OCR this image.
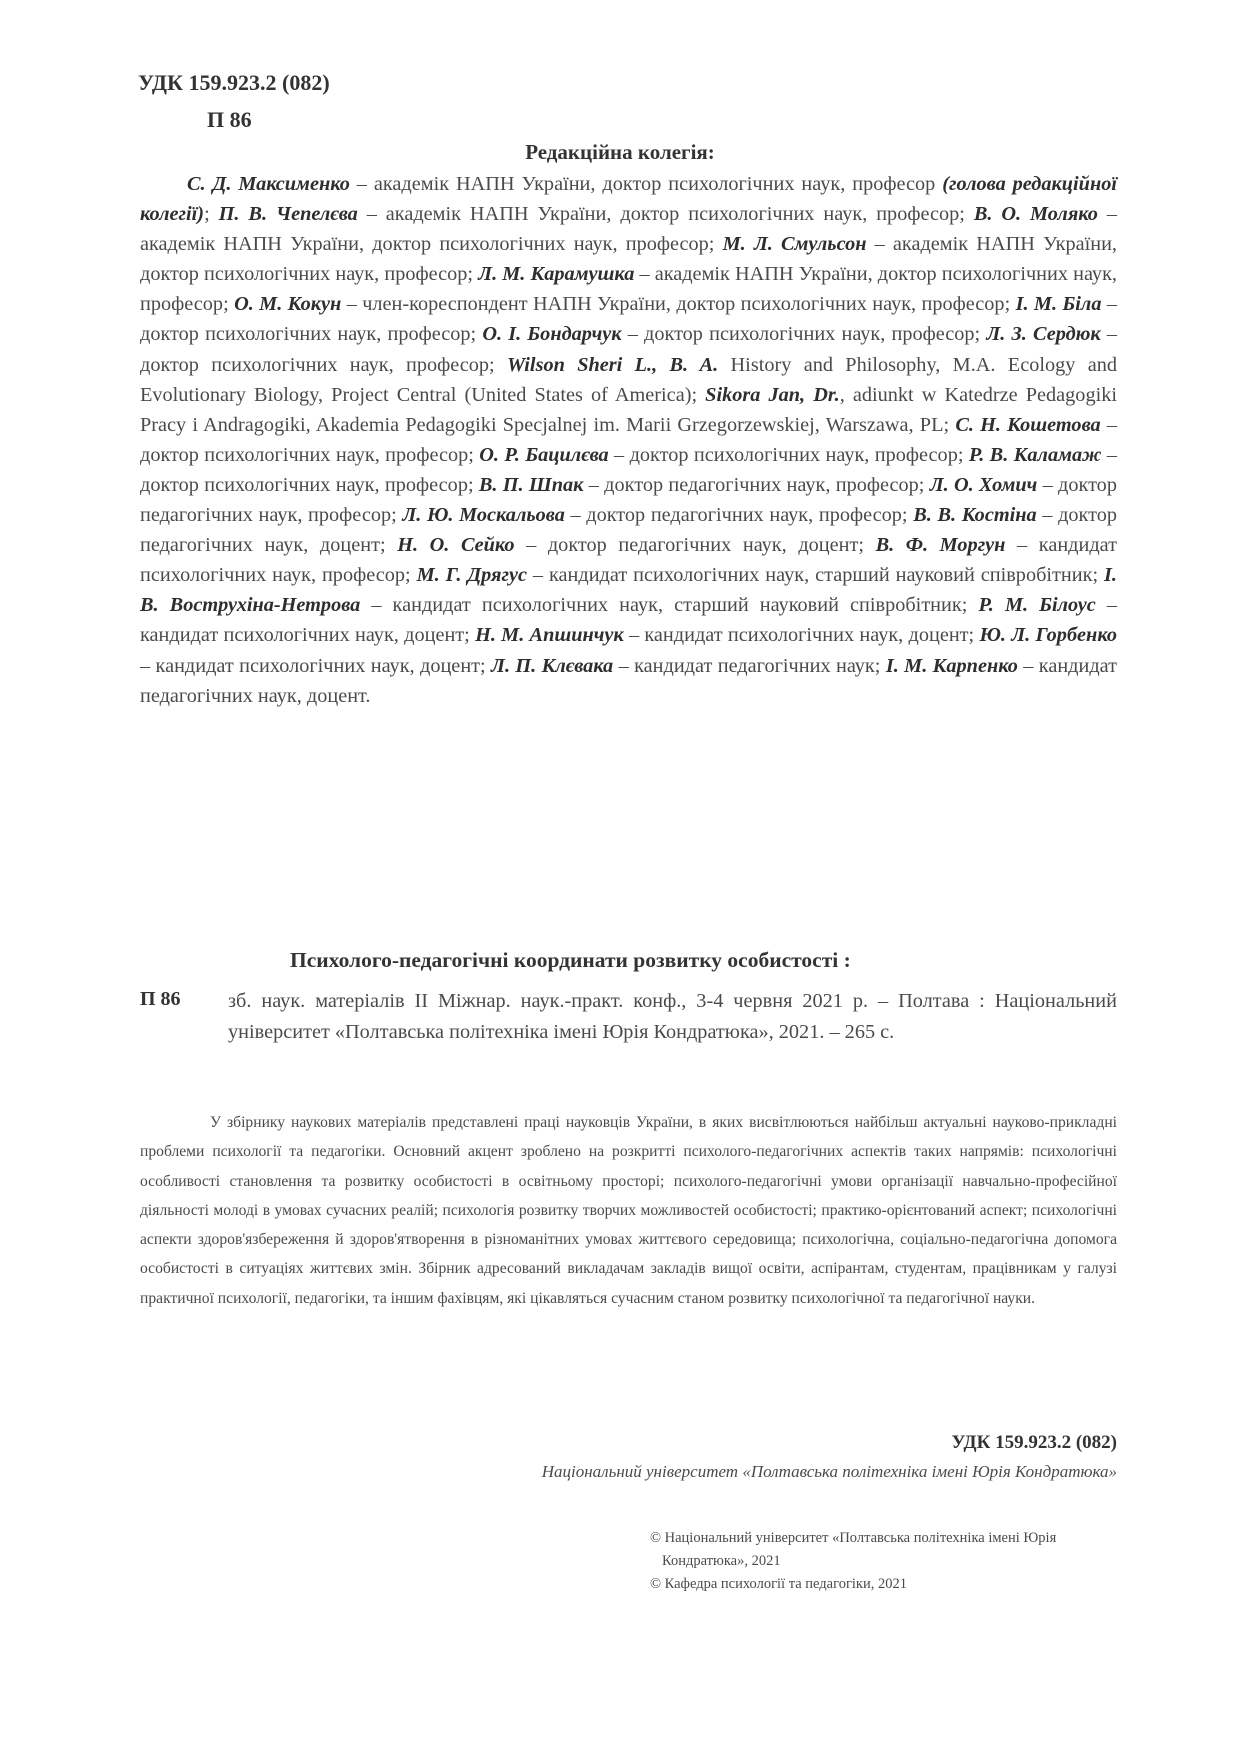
УДК 159.923.2 (082)
П 86
Редакційна колегія:

С. Д. Максименко – академік НАПН України, доктор психологічних наук, професор (голова редакційної колегії); П. В. Чепелєва – академік НАПН України, доктор психологічних наук, професор; В. О. Моляко – академік НАПН України, доктор психологічних наук, професор; М. Л. Смульсон – академік НАПН України, доктор психологічних наук, професор; Л. М. Карамушка – академік НАПН України, доктор психологічних наук, професор; О. М. Кокун – член-кореспондент НАПН України, доктор психологічних наук, професор; І. М. Біла – доктор психологічних наук, професор; О. І. Бондарчук – доктор психологічних наук, професор; Л. З. Сердюк – доктор психологічних наук, професор; Wilson Sheri L., B. A. History and Philosophy, M.A. Ecology and Evolutionary Biology, Project Central (United States of America); Sikora Jan, Dr., adiunkt w Katedrze Pedagogiki Pracy i Andragogiki, Akademia Pedagogiki Specjalnej im. Marii Grzegorzewskiej, Warszawa, PL; С. Н. Кошетова – доктор психологічних наук, професор; О. Р. Бацилєва – доктор психологічних наук, професор; Р. В. Каламаж – доктор психологічних наук, професор; В. П. Шпак – доктор педагогічних наук, професор; Л. О. Хомич – доктор педагогічних наук, професор; Л. Ю. Москальова – доктор педагогічних наук, професор; В. В. Костіна – доктор педагогічних наук, доцент; Н. О. Сейко – доктор педагогічних наук, доцент; В. Ф. Моргун – кандидат психологічних наук, професор; М. Г. Дрягус – кандидат психологічних наук, старший науковий співробітник; І. В. Вострухіна-Нетрова – кандидат психологічних наук, старший науковий співробітник; Р. М. Білоус – кандидат психологічних наук, доцент; Н. М. Апшинчук – кандидат психологічних наук, доцент; Ю. Л. Горбенко – кандидат психологічних наук, доцент; Л. П. Клєвака – кандидат педагогічних наук; І. М. Карпенко – кандидат педагогічних наук, доцент.

Психолого-педагогічні координати розвитку особистості :
П 86 зб. наук. матеріалів ІІ Міжнар. наук.-практ. конф., 3-4 червня 2021 р. – Полтава : Національний університет «Полтавська політехніка імені Юрія Кондратюка», 2021. – 265 с.

У збірнику наукових матеріалів представлені праці науковців України, в яких висвітлюються найбільш актуальні науково-прикладні проблеми психології та педагогіки. Основний акцент зроблено на розкритті психолого-педагогічних аспектів таких напрямів: психологічні особливості становлення та розвитку особистості в освітньому просторі; психолого-педагогічні умови організації навчально-професійної діяльності молоді в умовах сучасних реалій; психологія розвитку творчих можливостей особистості; практико-орієнтований аспект; психологічні аспекти здоров'язбереження й здоров'ятворення в різноманітних умовах життєвого середовища; психологічна, соціально-педагогічна допомога особистості в ситуаціях життєвих змін. Збірник адресований викладачам закладів вищої освіти, аспірантам, студентам, працівникам у галузі практичної психології, педагогіки, та іншим фахівцям, які цікавляться сучасним станом розвитку психологічної та педагогічної науки.

УДК 159.923.2 (082)
Національний університет «Полтавська політехніка імені Юрія Кондратюка»
© Національний університет «Полтавська політехніка імені Юрія Кондратюка», 2021
© Кафедра психології та педагогіки, 2021
